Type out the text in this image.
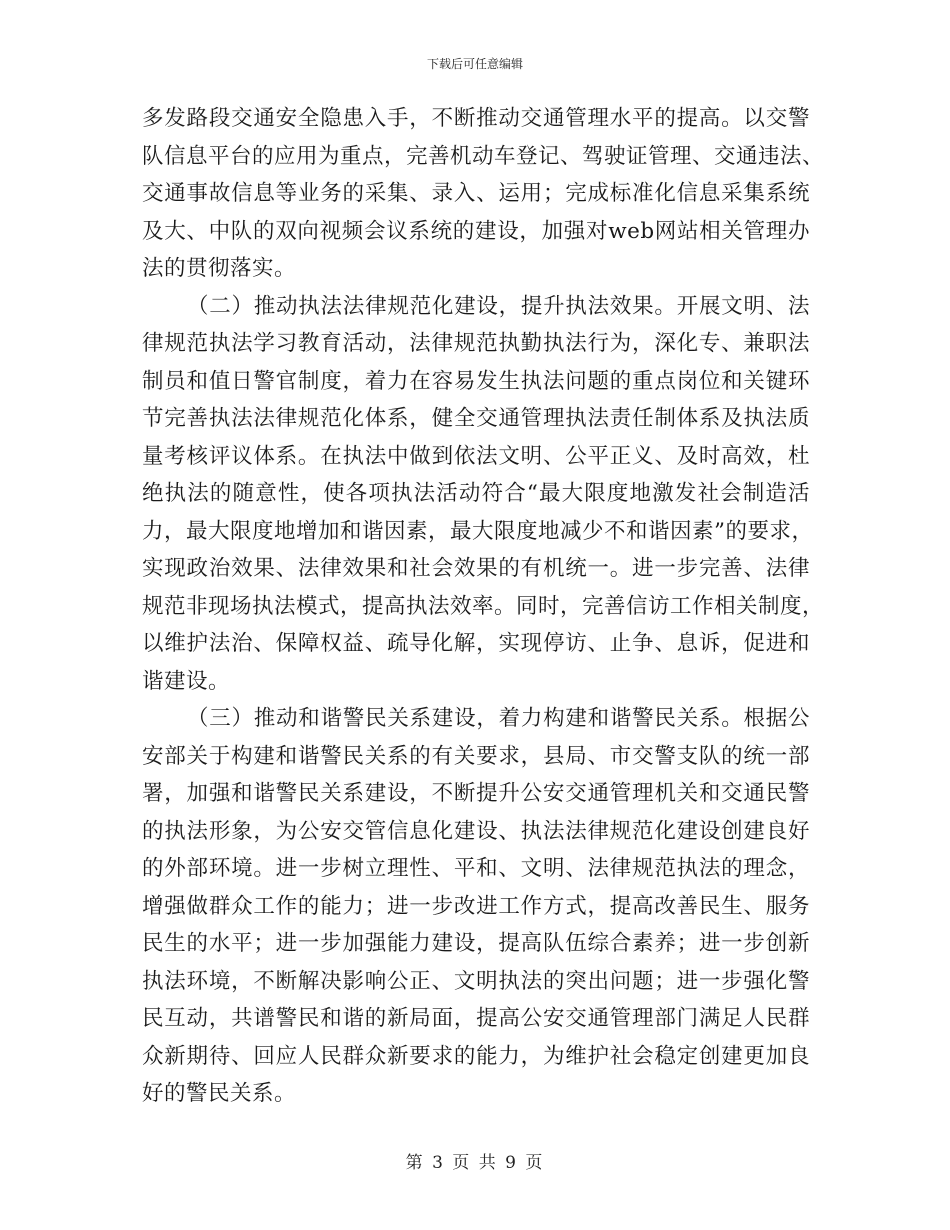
下载后可任意编辑
多发路段交通安全隐患入手，不断推动交通管理水平的提高。以交警
队信息平台的应用为重点，完善机动车登记、驾驶证管理、交通违法、
交通事故信息等业务的采集、录入、运用；完成标准化信息采集系统
及大、中队的双向视频会议系统的建设，加强对web网站相关管理办
法的贯彻落实。
（二）推动执法法律规范化建设，提升执法效果。开展文明、法
律规范执法学习教育活动，法律规范执勤执法行为，深化专、兼职法
制员和值日警官制度，着力在容易发生执法问题的重点岗位和关键环
节完善执法法律规范化体系，健全交通管理执法责任制体系及执法质
量考核评议体系。在执法中做到依法文明、公平正义、及时高效，杜
绝执法的随意性，使各项执法活动符合“最大限度地激发社会制造活
力，最大限度地增加和谐因素，最大限度地减少不和谐因素”的要求，
实现政治效果、法律效果和社会效果的有机统一。进一步完善、法律
规范非现场执法模式，提高执法效率。同时，完善信访工作相关制度，
以维护法治、保障权益、疏导化解，实现停访、止争、息诉，促进和
谐建设。
（三）推动和谐警民关系建设，着力构建和谐警民关系。根据公
安部关于构建和谐警民关系的有关要求，县局、市交警支队的统一部
署，加强和谐警民关系建设，不断提升公安交通管理机关和交通民警
的执法形象，为公安交管信息化建设、执法法律规范化建设创建良好
的外部环境。进一步树立理性、平和、文明、法律规范执法的理念，
增强做群众工作的能力；进一步改进工作方式，提高改善民生、服务
民生的水平；进一步加强能力建设，提高队伍综合素养；进一步创新
执法环境，不断解决影响公正、文明执法的突出问题；进一步强化警
民互动，共谱警民和谐的新局面，提高公安交通管理部门满足人民群
众新期待、回应人民群众新要求的能力，为维护社会稳定创建更加良
好的警民关系。
第 3 页 共 9 页
